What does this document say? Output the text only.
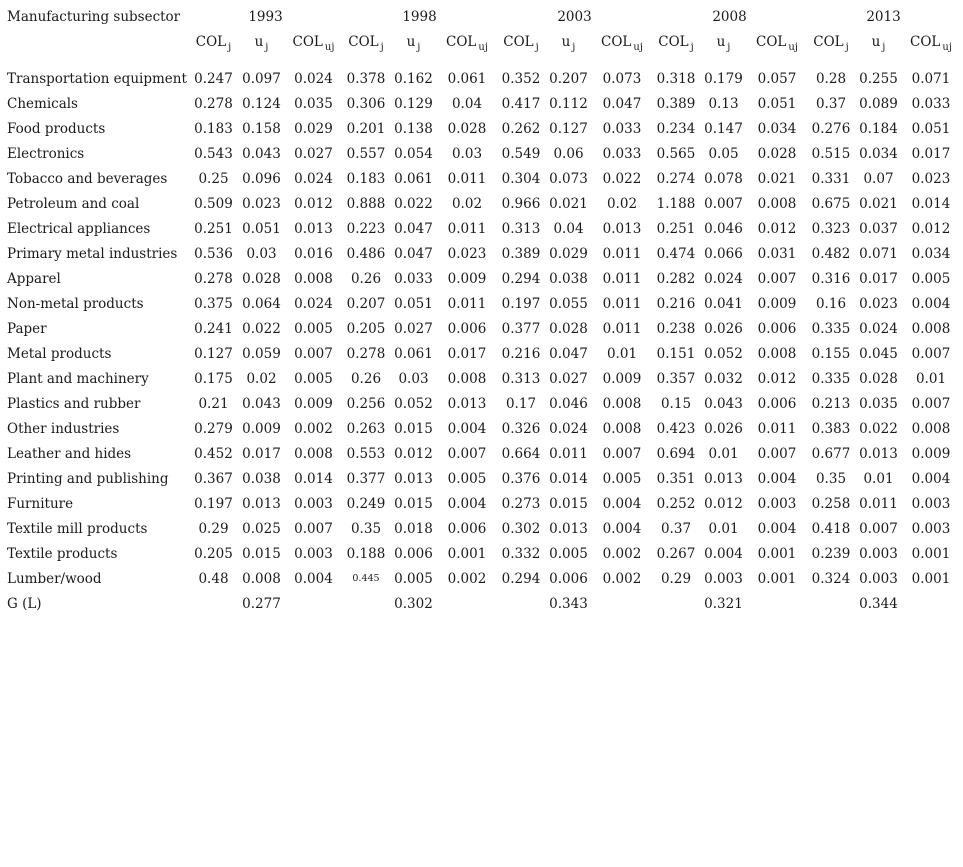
Manufacturing subsector	1993			1998			2003			2008			2013		
	COL $_j$	u $_j$	COL $_{uj}$	COL $_j$	u $_j$	COL $_{uj}$	COL $_j$	u $_j$	COL $_{uj}$	COL $_j$	u $_j$	COL $_{uj}$	COL $_j$	u $_j$	COL $_{uj}$
Transportation equipment	0.247	0.097	0.024	0.378	0.162	0.061	0.352	0.207	0.073	0.318	0.179	0.057	0.28	0.255	0.071
Chemicals	0.278	0.124	0.035	0.306	0.129	0.04	0.417	0.112	0.047	0.389	0.13	0.051	0.37	0.089	0.033
Food products	0.183	0.158	0.029	0.201	0.138	0.028	0.262	0.127	0.033	0.234	0.147	0.034	0.276	0.184	0.051
Electronics	0.543	0.043	0.027	0.557	0.054	0.03	0.549	0.06	0.033	0.565	0.05	0.028	0.515	0.034	0.017
Tobacco and beverages	0.25	0.096	0.024	0.183	0.061	0.011	0.304	0.073	0.022	0.274	0.078	0.021	0.331	0.07	0.023
Petroleum and coal	0.509	0.023	0.012	0.888	0.022	0.02	0.966	0.021	0.02	1.188	0.007	0.008	0.675	0.021	0.014
Electrical appliances	0.251	0.051	0.013	0.223	0.047	0.011	0.313	0.04	0.013	0.251	0.046	0.012	0.323	0.037	0.012
Primary metal industries	0.536	0.03	0.016	0.486	0.047	0.023	0.389	0.029	0.011	0.474	0.066	0.031	0.482	0.071	0.034
Apparel	0.278	0.028	0.008	0.26	0.033	0.009	0.294	0.038	0.011	0.282	0.024	0.007	0.316	0.017	0.005
Non-metal products	0.375	0.064	0.024	0.207	0.051	0.011	0.197	0.055	0.011	0.216	0.041	0.009	0.16	0.023	0.004
Paper	0.241	0.022	0.005	0.205	0.027	0.006	0.377	0.028	0.011	0.238	0.026	0.006	0.335	0.024	0.008
Metal products	0.127	0.059	0.007	0.278	0.061	0.017	0.216	0.047	0.01	0.151	0.052	0.008	0.155	0.045	0.007
Plant and machinery	0.175	0.02	0.005	0.26	0.03	0.008	0.313	0.027	0.009	0.357	0.032	0.012	0.335	0.028	0.01
Plastics and rubber	0.21	0.043	0.009	0.256	0.052	0.013	0.17	0.046	0.008	0.15	0.043	0.006	0.213	0.035	0.007
Other industries	0.279	0.009	0.002	0.263	0.015	0.004	0.326	0.024	0.008	0.423	0.026	0.011	0.383	0.022	0.008
Leather and hides	0.452	0.017	0.008	0.553	0.012	0.007	0.664	0.011	0.007	0.694	0.01	0.007	0.677	0.013	0.009
Printing and publishing	0.367	0.038	0.014	0.377	0.013	0.005	0.376	0.014	0.005	0.351	0.013	0.004	0.35	0.01	0.004
Furniture	0.197	0.013	0.003	0.249	0.015	0.004	0.273	0.015	0.004	0.252	0.012	0.003	0.258	0.011	0.003
Textile mill products	0.29	0.025	0.007	0.35	0.018	0.006	0.302	0.013	0.004	0.37	0.01	0.004	0.418	0.007	0.003
Textile products	0.205	0.015	0.003	0.188	0.006	0.001	0.332	0.005	0.002	0.267	0.004	0.001	0.239	0.003	0.001
Lumber/wood	0.48	0.008	0.004	0.445	0.005	0.002	0.294	0.006	0.002	0.29	0.003	0.001	0.324	0.003	0.001
G (L)		0.277			0.302			0.343			0.321			0.344	
